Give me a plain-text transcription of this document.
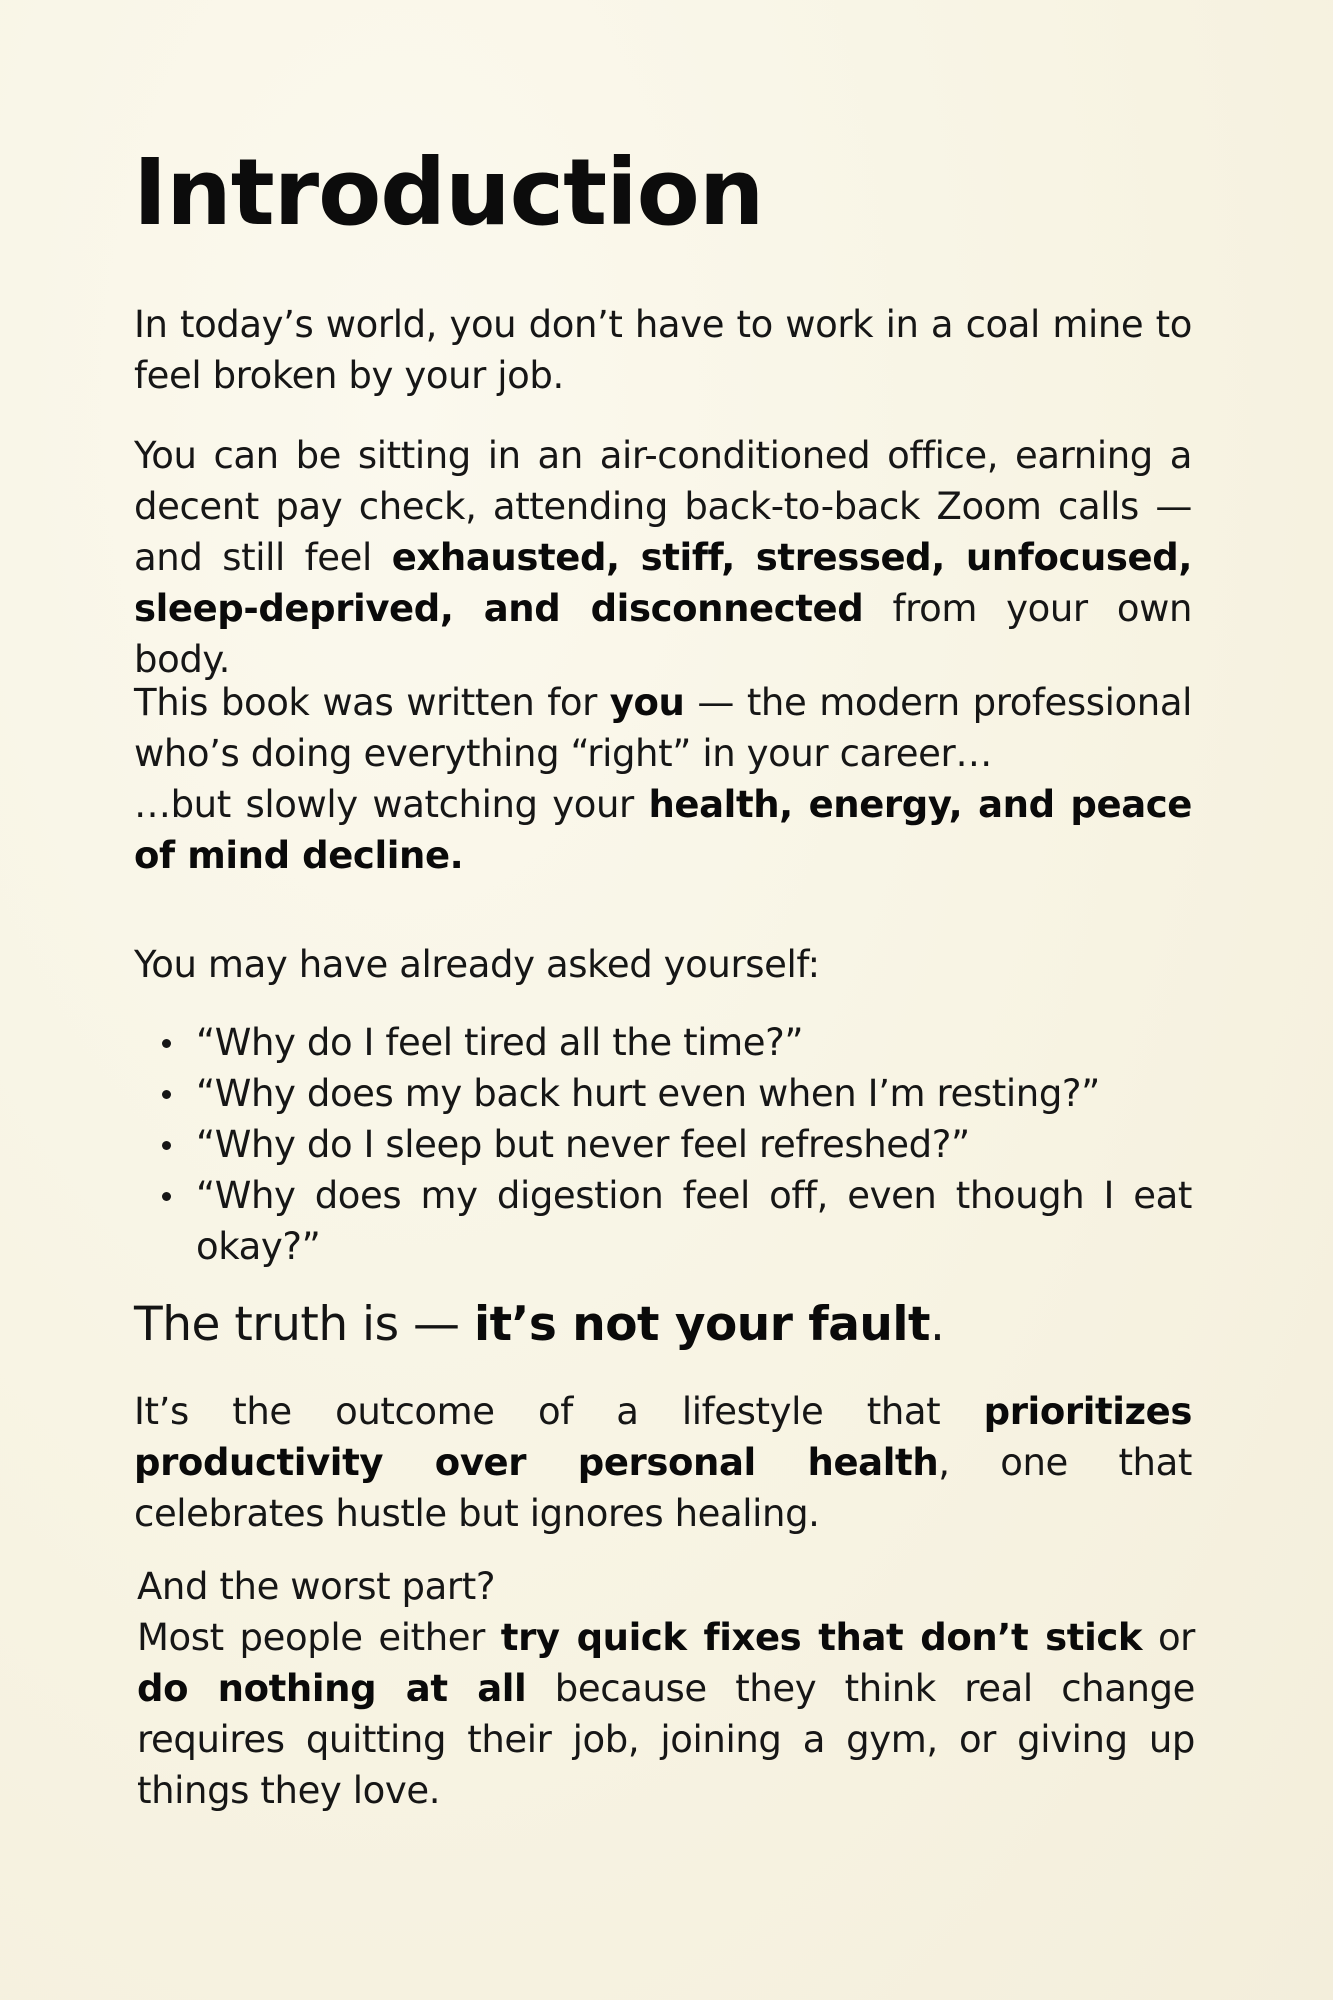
Introduction

In today’s world, you don’t have to work in a coal mine to feel broken by your job.

You can be sitting in an air-conditioned office, earning a decent pay check, attending back-to-back Zoom calls — and still feel exhausted, stiff, stressed, unfocused, sleep-deprived, and disconnected from your own body.

This book was written for you — the modern professional who’s doing everything “right” in your career…
…but slowly watching your health, energy, and peace of mind decline.

You may have already asked yourself:

“Why do I feel tired all the time?”
“Why does my back hurt even when I’m resting?”
“Why do I sleep but never feel refreshed?”
“Why does my digestion feel off, even though I eat okay?”

The truth is — it’s not your fault.

It’s the outcome of a lifestyle that prioritizes productivity over personal health, one that celebrates hustle but ignores healing.

And the worst part?
Most people either try quick fixes that don’t stick or do nothing at all because they think real change requires quitting their job, joining a gym, or giving up things they love.
